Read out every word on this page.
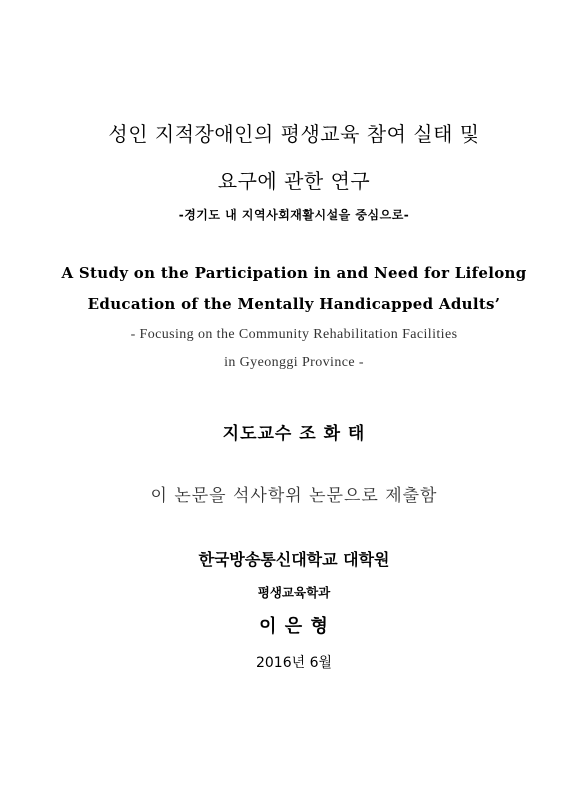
성인 지적장애인의 평생교육 참여 실태 및
요구에 관한 연구
-경기도 내 지역사회재활시설을 중심으로-
A Study on the Participation in and Need for Lifelong
Education of the Mentally Handicapped Adults’
- Focusing on the Community Rehabilitation Facilities
in Gyeonggi Province -
지도교수 조 화 태
이 논문을 석사학위 논문으로 제출함
한국방송통신대학교 대학원
평생교육학과
이 은 형
2016년 6월
